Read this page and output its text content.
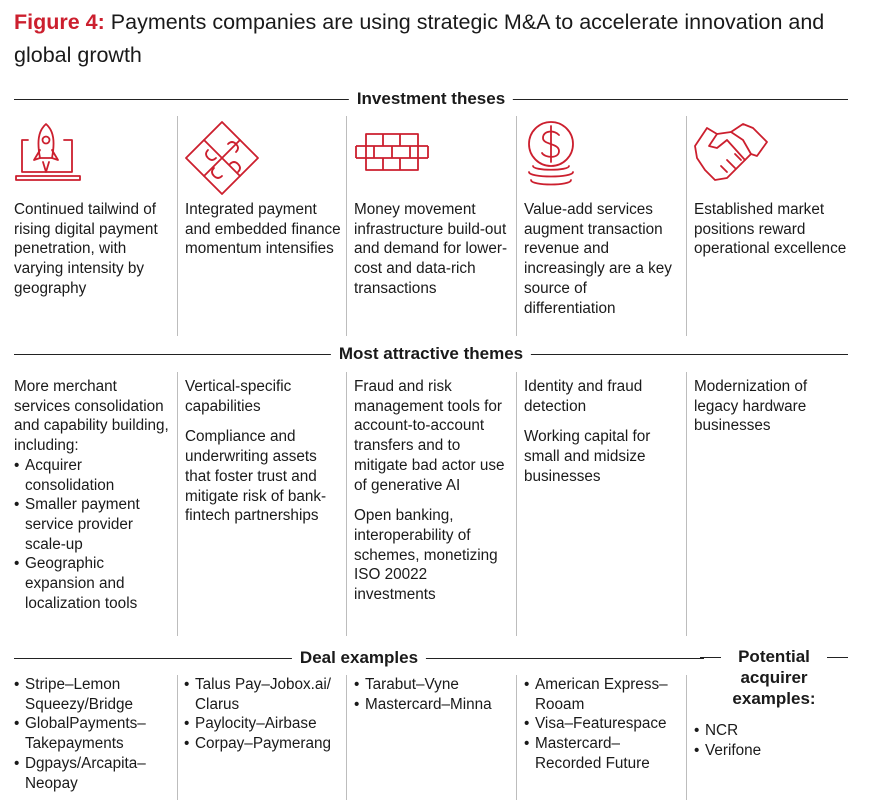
Figure 4: Payments companies are using strategic M&A to accelerate innovation and global growth
Investment theses
Most attractive themes
Deal examples	Potential acquirer examples:
Continued tailwind of rising digital payment penetration, with varying intensity by geography
Integrated payment and embedded finance momentum intensifies
Money movement infrastructure build-out and demand for lower-cost and data-rich transactions
Value-add services augment transaction revenue and increasingly are a key source of differentiation
Established market positions reward operational excellence

More merchant services consolidation and capability building, including:

• Acquirer consolidation
• Smaller payment service provider scale-up
• Geographic expansion and localization tools

Vertical-specific capabilities

Compliance and underwriting assets that foster trust and mitigate risk of bank-fintech partnerships

Fraud and risk management tools for account-to-account transfers and to mitigate bad actor use of generative AI

Open banking, interoperability of schemes, monetizing ISO 20022 investments

Identity and fraud detection

Working capital for small and midsize businesses

Modernization of legacy hardware businesses

• Stripe–Lemon Squeezy/Bridge
• GlobalPayments–Takepayments
• Dgpays/Arcapita–Neopay
• Talus Pay–Jobox.ai/ Clarus
• Paylocity–Airbase
• Corpay–Paymerang
• Tarabut–Vyne
• Mastercard–Minna
• American Express–Rooam
• Visa–Featurespace
• Mastercard–Recorded Future
• NCR
• Verifone
